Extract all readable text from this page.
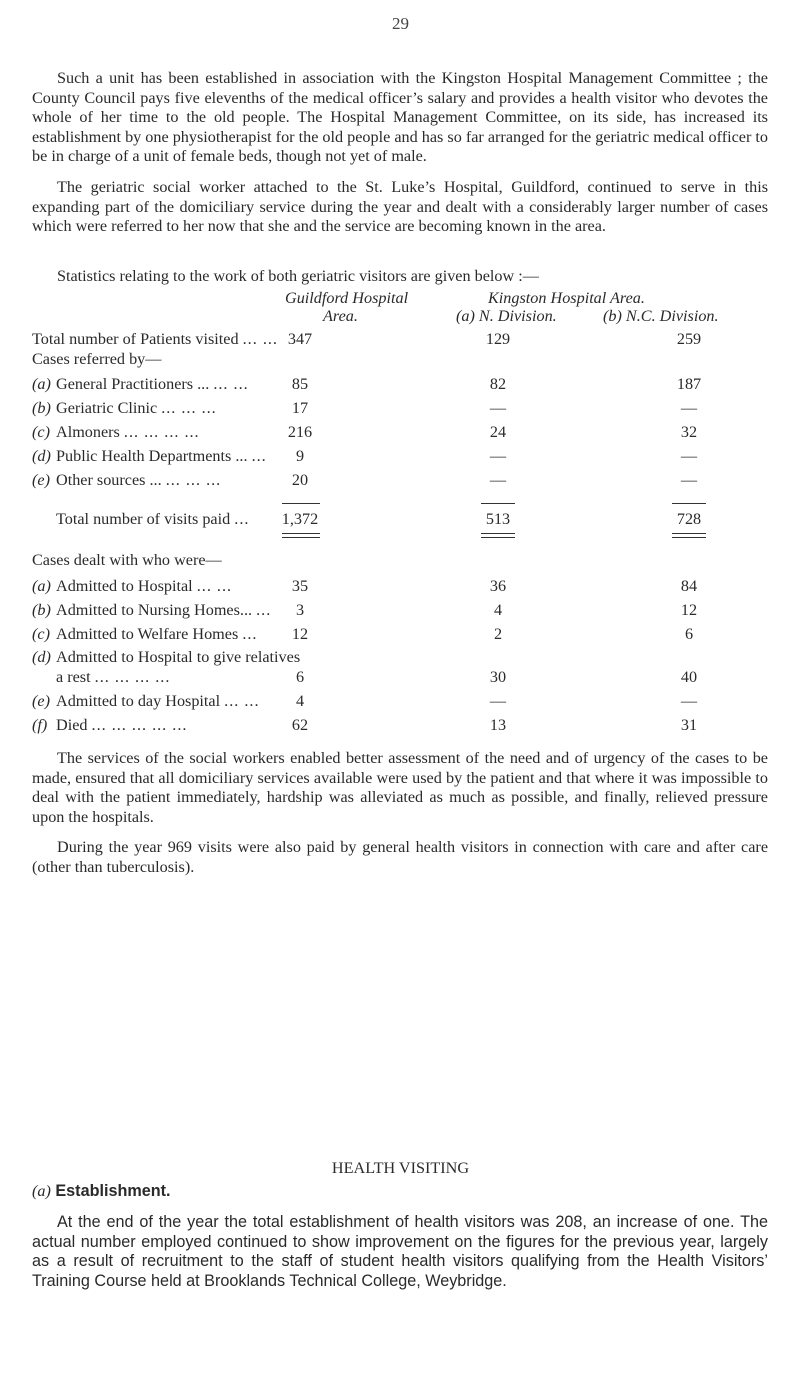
29

Such a unit has been established in association with the Kingston Hospital Management Committee ; the County Council pays five elevenths of the medical officer’s salary and provides a health visitor who devotes the whole of her time to the old people. The Hospital Management Committee, on its side, has increased its establishment by one physiotherapist for the old people and has so far arranged for the geriatric medical officer to be in charge of a unit of female beds, though not yet of male.

The geriatric social worker attached to the St. Luke’s Hospital, Guildford, continued to serve in this expanding part of the domiciliary service during the year and dealt with a considerably larger number of cases which were referred to her now that she and the service are becoming known in the area.

Statistics relating to the work of both geriatric visitors are given below :—

Guildford Hospital
Area.
Kingston Hospital Area.
(a) N. Division.	(b) N.C. Division.
Total number of Patients visited ... ... 347	129	259
Cases referred by—
(a) General Practitioners ... ... ...	85	82	187
(b) Geriatric Clinic ... ... ...	17	—	—
(c) Almoners ... ... ... ...	216	24	32
(d) Public Health Departments ... ...	9	—	—
(e) Other sources ... ... ... ...	20	—	—
Total number of visits paid ...	1,372	513	728
Cases dealt with who were—
(a) Admitted to Hospital ... ...	35	36	84
(b) Admitted to Nursing Homes... ...	3	4	12
(c) Admitted to Welfare Homes ...	12	2	6
(d) Admitted to Hospital to give relatives
a rest ... ... ... ...	6	30	40
(e) Admitted to day Hospital ... ...	4	—	—
(f) Died ... ... ... ... ...	62	13	31

The services of the social workers enabled better assessment of the need and of urgency of the cases to be made, ensured that all domiciliary services available were used by the patient and that where it was impossible to deal with the patient immediately, hardship was alleviated as much as possible, and finally, relieved pressure upon the hospitals.

During the year 969 visits were also paid by general health visitors in connection with care and after care (other than tuberculosis).

HEALTH VISITING
(a) Establishment.

At the end of the year the total establishment of health visitors was 208, an increase of one. The actual number employed continued to show improvement on the figures for the previous year, largely as a result of recruitment to the staff of student health visitors qualifying from the Health Visitors’ Training Course held at Brooklands Technical College, Weybridge.
